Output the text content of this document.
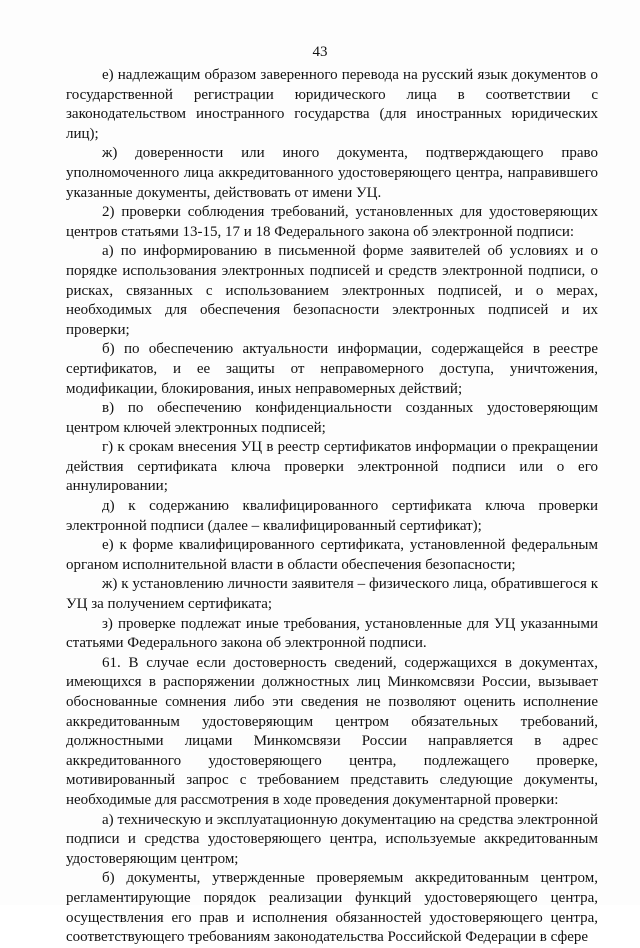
43

е) надлежащим образом заверенного перевода на русский язык документов о государственной регистрации юридического лица в соответствии с законодательством иностранного государства (для иностранных юридических лиц);

ж) доверенности или иного документа, подтверждающего право уполномоченного лица аккредитованного удостоверяющего центра, направившего указанные документы, действовать от имени УЦ.

2) проверки соблюдения требований, установленных для удостоверяющих центров статьями 13-15, 17 и 18 Федерального закона об электронной подписи:

а) по информированию в письменной форме заявителей об условиях и о порядке использования электронных подписей и средств электронной подписи, о рисках, связанных с использованием электронных подписей, и о мерах, необходимых для обеспечения безопасности электронных подписей и их проверки;

б) по обеспечению актуальности информации, содержащейся в реестре сертификатов, и ее защиты от неправомерного доступа, уничтожения, модификации, блокирования, иных неправомерных действий;

в) по обеспечению конфиденциальности созданных удостоверяющим центром ключей электронных подписей;

г) к срокам внесения УЦ в реестр сертификатов информации о прекращении действия сертификата ключа проверки электронной подписи или о его аннулировании;

д) к содержанию квалифицированного сертификата ключа проверки электронной подписи (далее – квалифицированный сертификат);

е) к форме квалифицированного сертификата, установленной федеральным органом исполнительной власти в области обеспечения безопасности;

ж) к установлению личности заявителя – физического лица, обратившегося к УЦ за получением сертификата;

з) проверке подлежат иные требования, установленные для УЦ указанными статьями Федерального закона об электронной подписи.

61. В случае если достоверность сведений, содержащихся в документах, имеющихся в распоряжении должностных лиц Минкомсвязи России, вызывает обоснованные сомнения либо эти сведения не позволяют оценить исполнение аккредитованным удостоверяющим центром обязательных требований, должностными лицами Минкомсвязи России направляется в адрес аккредитованного удостоверяющего центра, подлежащего проверке, мотивированный запрос с требованием представить следующие документы, необходимые для рассмотрения в ходе проведения документарной проверки:

а) техническую и эксплуатационную документацию на средства электронной подписи и средства удостоверяющего центра, используемые аккредитованным удостоверяющим центром;

б) документы, утвержденные проверяемым аккредитованным центром, регламентирующие порядок реализации функций удостоверяющего центра, осуществления его прав и исполнения обязанностей удостоверяющего центра, соответствующего требованиям законодательства Российской Федерации в сфере
